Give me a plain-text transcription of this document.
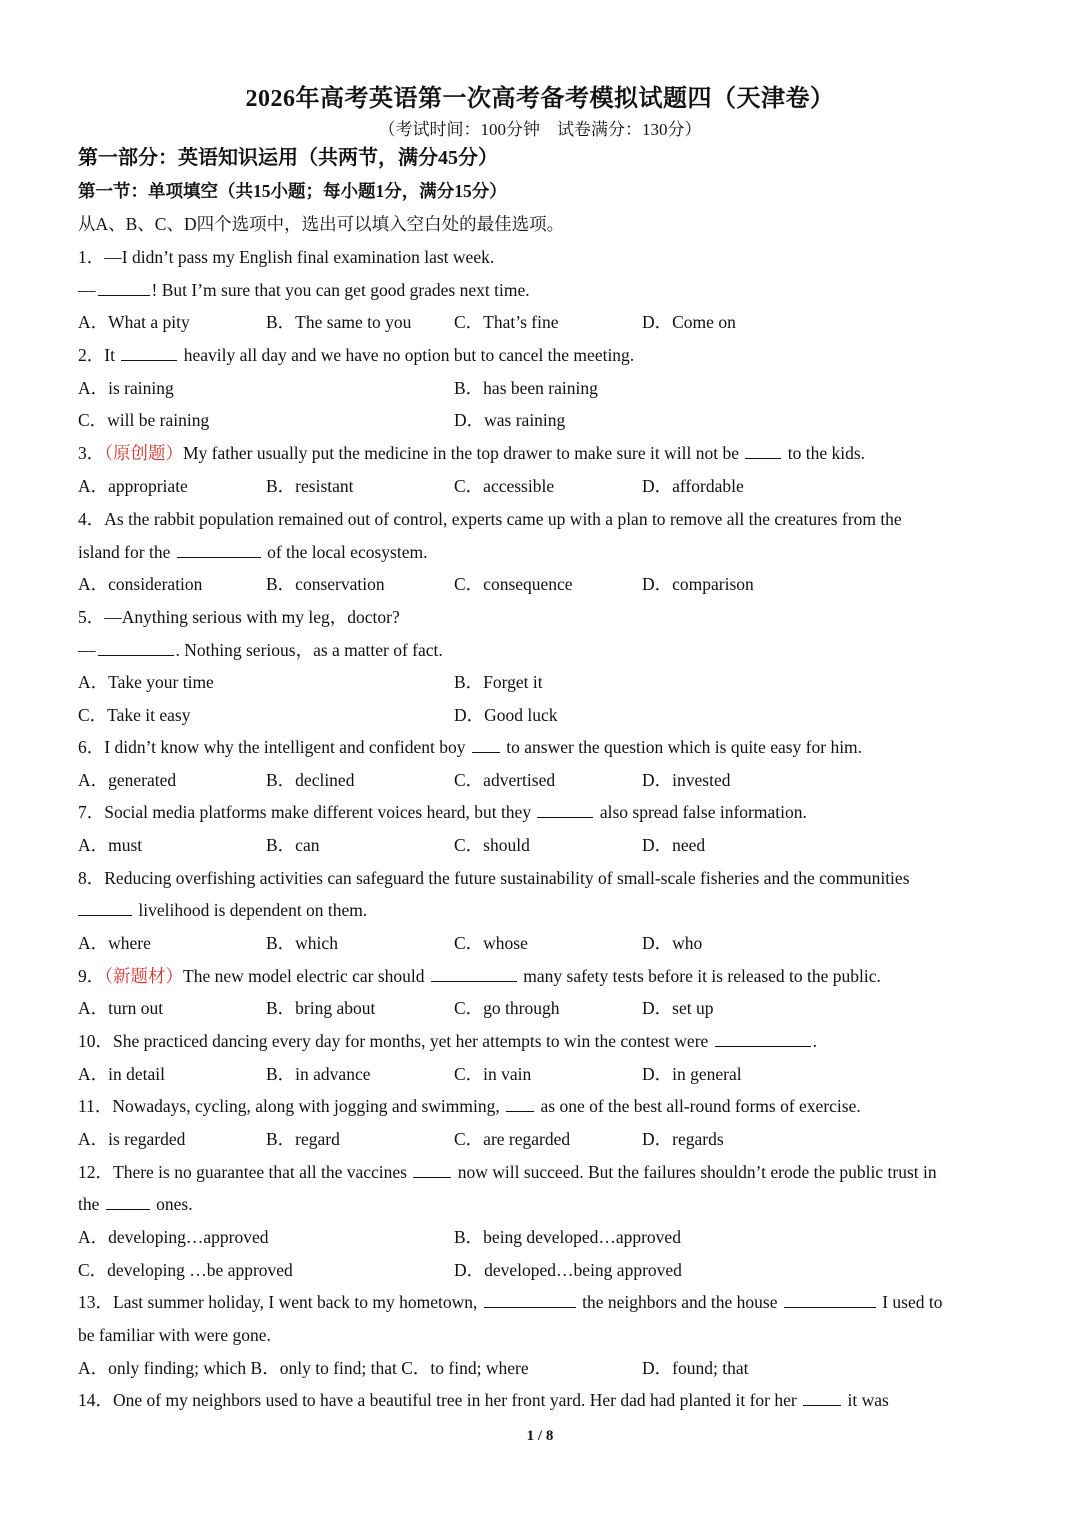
2026年高考英语第一次高考备考模拟试题四（天津卷）
（考试时间：100分钟　试卷满分：130分）
第一部分：英语知识运用（共两节，满分45分）
第一节：单项填空（共15小题；每小题1分，满分15分）
从A、B、C、D四个选项中，选出可以填入空白处的最佳选项。
1．—I didn’t pass my English final examination last week.
—	! But I’m sure that you can get good grades next time.
A．What a pity	B．The same to you C．That’s fine	D．Come on
2．It	heavily all day and we have no option but to cancel the meeting.
A．is raining	B．has been raining
C．will be raining	D．was raining
3．（原创题）My father usually put the medicine in the top drawer to make sure it will not be	to the kids.
A．appropriate	B．resistant	C．accessible	D．affordable
4．As the rabbit population remained out of control, experts came up with a plan to remove all the creatures from the
island for the	of the local ecosystem.
A．consideration	B．conservation	C．consequence	D．comparison
5．—Anything serious with my leg，doctor?
—	. Nothing serious，as a matter of fact.
A．Take your time	B．Forget it
C．Take it easy	D．Good luck
6．I didn’t know why the intelligent and confident boy to answer the question which is quite easy for him.
A．generated	B．declined	C．advertised	D．invested
7．Social media platforms make different voices heard, but they	also spread false information.
A．must	B．can	C．should	D．need
8．Reducing overfishing activities can safeguard the future sustainability of small-scale fisheries and the communities
livelihood is dependent on them.
A．where	B．which	C．whose	D．who
9．（新题材）The new model electric car should	many safety tests before it is released to the public.
A．turn out	B．bring about	C．go through	D．set up
10．She practiced dancing every day for months, yet her attempts to win the contest were	.
A．in detail	B．in advance	C．in vain	D．in general
11．Nowadays, cycling, along with jogging and swimming, as one of the best all-round forms of exercise.
A．is regarded	B．regard	C．are regarded	D．regards
12．There is no guarantee that all the vaccines	now will succeed. But the failures shouldn’t erode the public trust in
the	ones.
A．developing…approved	B．being developed…approved
C．developing …be approved	D．developed…being approved
13．Last summer holiday, I went back to my hometown,	the neighbors and the house	I used to
be familiar with were gone.
A．only finding; which B．only to find; that C．to find; where	D．found; that
14．One of my neighbors used to have a beautiful tree in her front yard. Her dad had planted it for her	it was
1 / 8
